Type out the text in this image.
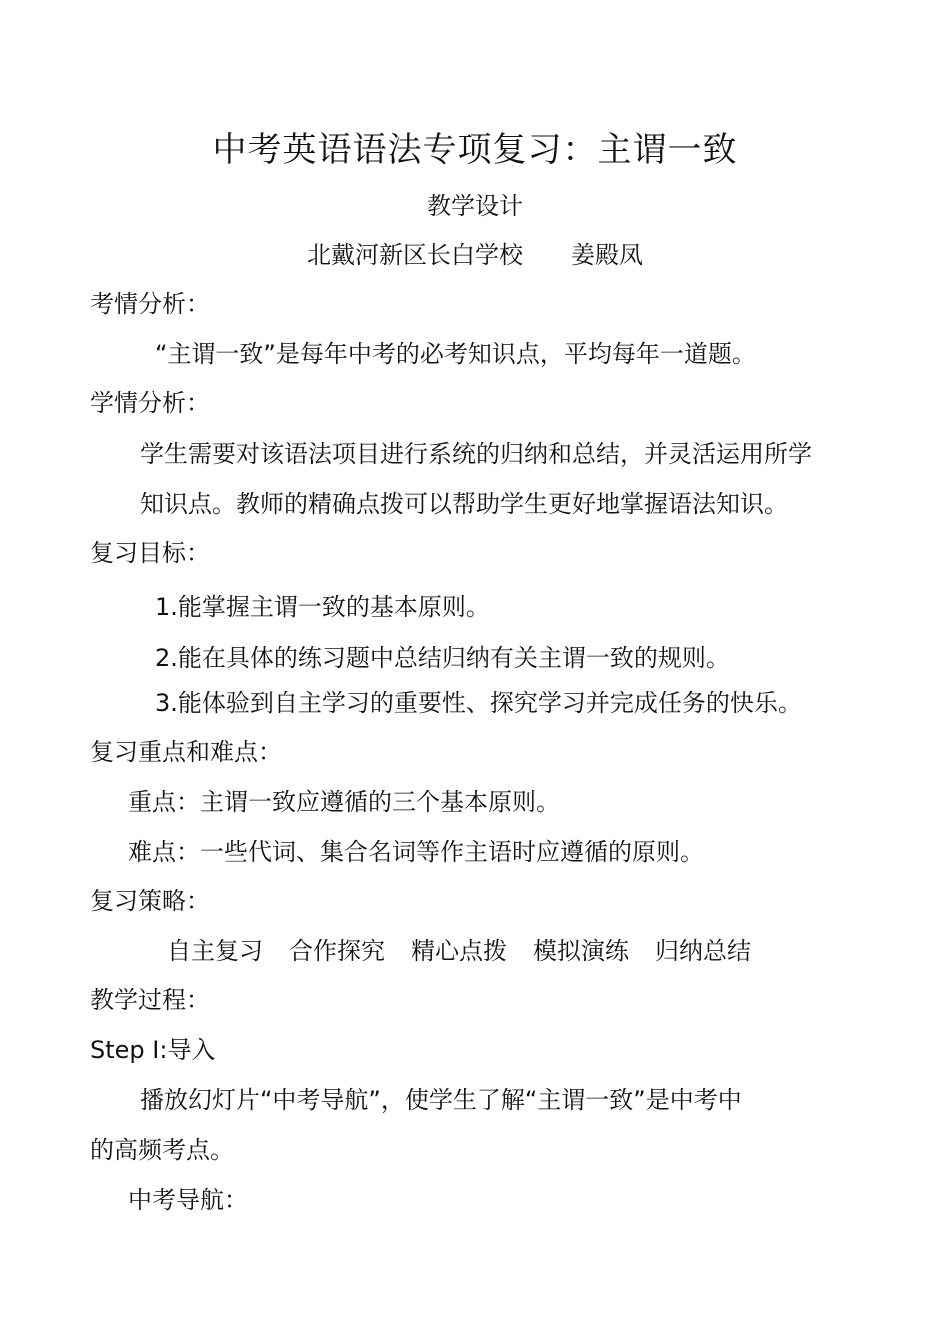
中考英语语法专项复习：主谓一致
教学设计
北戴河新区长白学校 姜殿凤
考情分析：
“主谓一致”是每年中考的必考知识点，平均每年一道题。
学情分析：
学生需要对该语法项目进行系统的归纳和总结，并灵活运用所学
知识点。教师的精确点拨可以帮助学生更好地掌握语法知识。
复习目标：
1.能掌握主谓一致的基本原则。
2.能在具体的练习题中总结归纳有关主谓一致的规则。
3.能体验到自主学习的重要性、探究学习并完成任务的快乐。
复习重点和难点：
重点：主谓一致应遵循的三个基本原则。
难点：一些代词、集合名词等作主语时应遵循的原则。
复习策略：
自主复习 合作探究 精心点拨 模拟演练 归纳总结
教学过程：
Step Ⅰ:导入
播放幻灯片“中考导航”，使学生了解“主谓一致”是中考中
的高频考点。
中考导航：
